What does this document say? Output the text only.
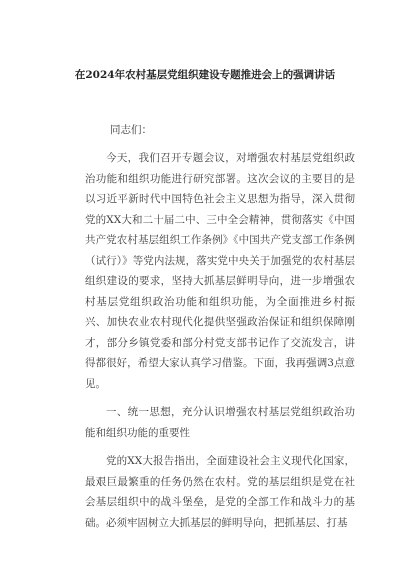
在2024年农村基层党组织建设专题推进会上的强调讲话

同志们：

今天，我们召开专题会议，对增强农村基层党组织政治功能和组织功能进行研究部署。这次会议的主要目的是以习近平新时代中国特色社会主义思想为指导，深入贯彻党的XX大和二十届二中、三中全会精神，贯彻落实《中国共产党农村基层组织工作条例》《中国共产党支部工作条例（试行）》等党内法规，落实党中央关于加强党的农村基层组织建设的要求，坚持大抓基层鲜明导向，进一步增强农村基层党组织政治功能和组织功能，为全面推进乡村振兴、加快农业农村现代化提供坚强政治保证和组织保障刚才，部分乡镇党委和部分村党支部书记作了交流发言，讲得都很好，希望大家认真学习借鉴。下面，我再强调3点意见。

一、统一思想，充分认识增强农村基层党组织政治功能和组织功能的重要性

党的XX大报告指出，全面建设社会主义现代化国家，最艰巨最繁重的任务仍然在农村。党的基层组织是党在社会基层组织中的战斗堡垒，是党的全部工作和战斗力的基础。必须牢固树立大抓基层的鲜明导向，把抓基层、打基
